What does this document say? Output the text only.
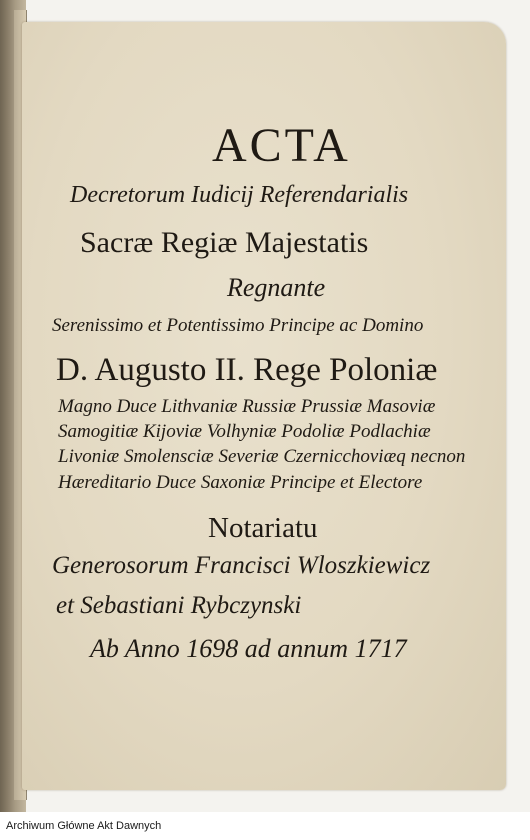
ACTA
Decretorum Iudicij Referendarialis
Sacræ Regiæ Majestatis
Regnante
Serenissimo et Potentissimo Principe ac Domino
D. Augusto II. Rege Poloniæ
Magno Duce Lithvaniæ Russiæ Prussiæ Masoviæ
Samogitiæ Kijoviæ Volhyniæ Podoliæ Podlachiæ
Livoniæ Smolensciæ Severiæ Czernicchoviæq necnon
Hæreditario Duce Saxoniæ Principe et Electore
Notariatu
Generosorum Francisci Wloszkiewicz
et Sebastiani Rybczynski
Ab Anno 1698 ad annum 1717
Archiwum Główne Akt Dawnych
